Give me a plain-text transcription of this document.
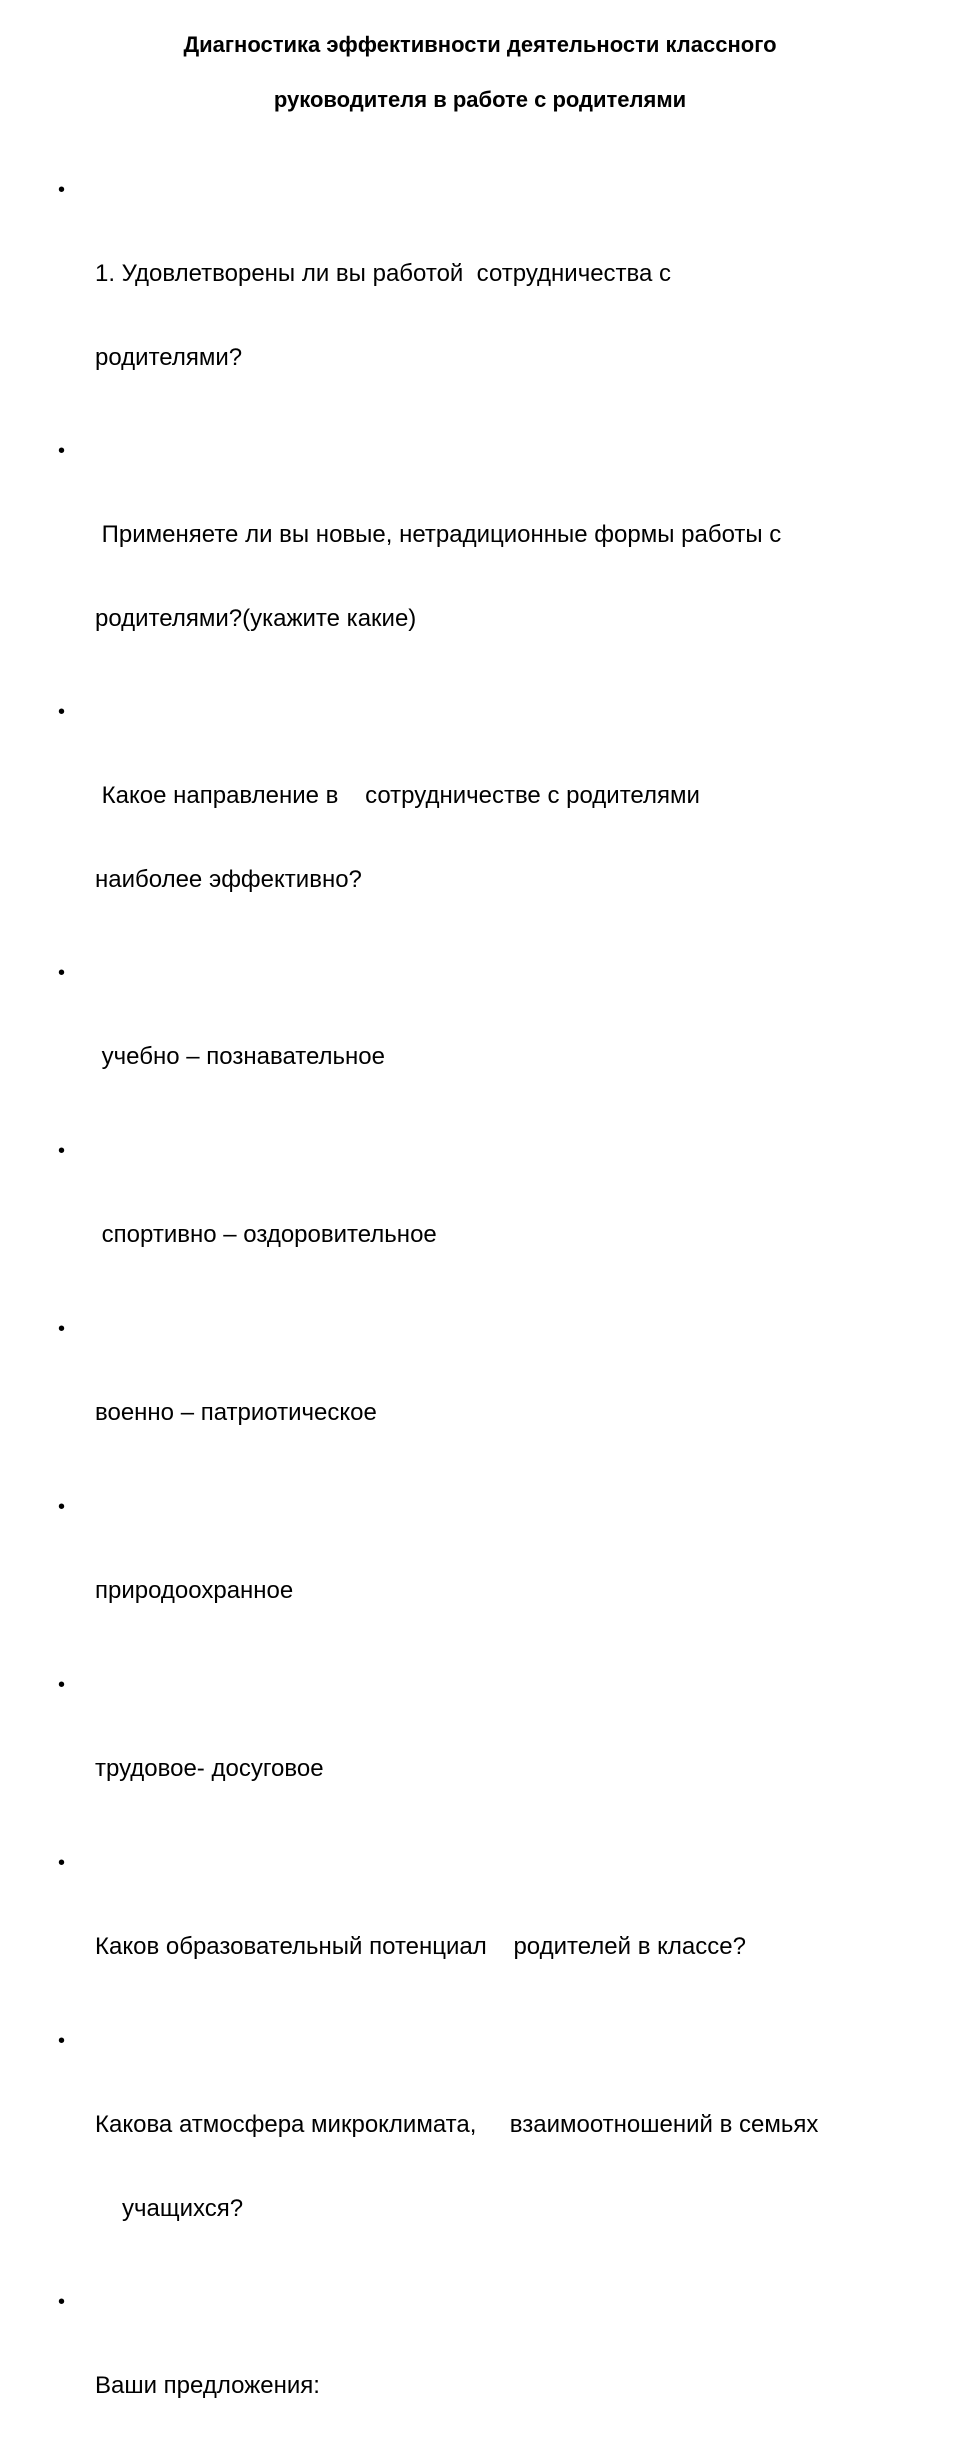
Диагностика эффективности деятельности классного
руководителя в работе с родителями

•

1. Удовлетворены ли вы работой  сотрудничества с

родителями?

•

Применяете ли вы новые, нетрадиционные формы работы с

родителями?(укажите какие)

•

Какое направление в    сотрудничестве с родителями

наиболее эффективно?

•

учебно – познавательное

•

спортивно – оздоровительное

•

военно – патриотическое

•

природоохранное

•

трудовое- досуговое

•

Каков образовательный потенциал    родителей в классе?

•

Какова атмосфера микроклимата,     взаимоотношений в семьях

учащихся?

•

Ваши предложения:
